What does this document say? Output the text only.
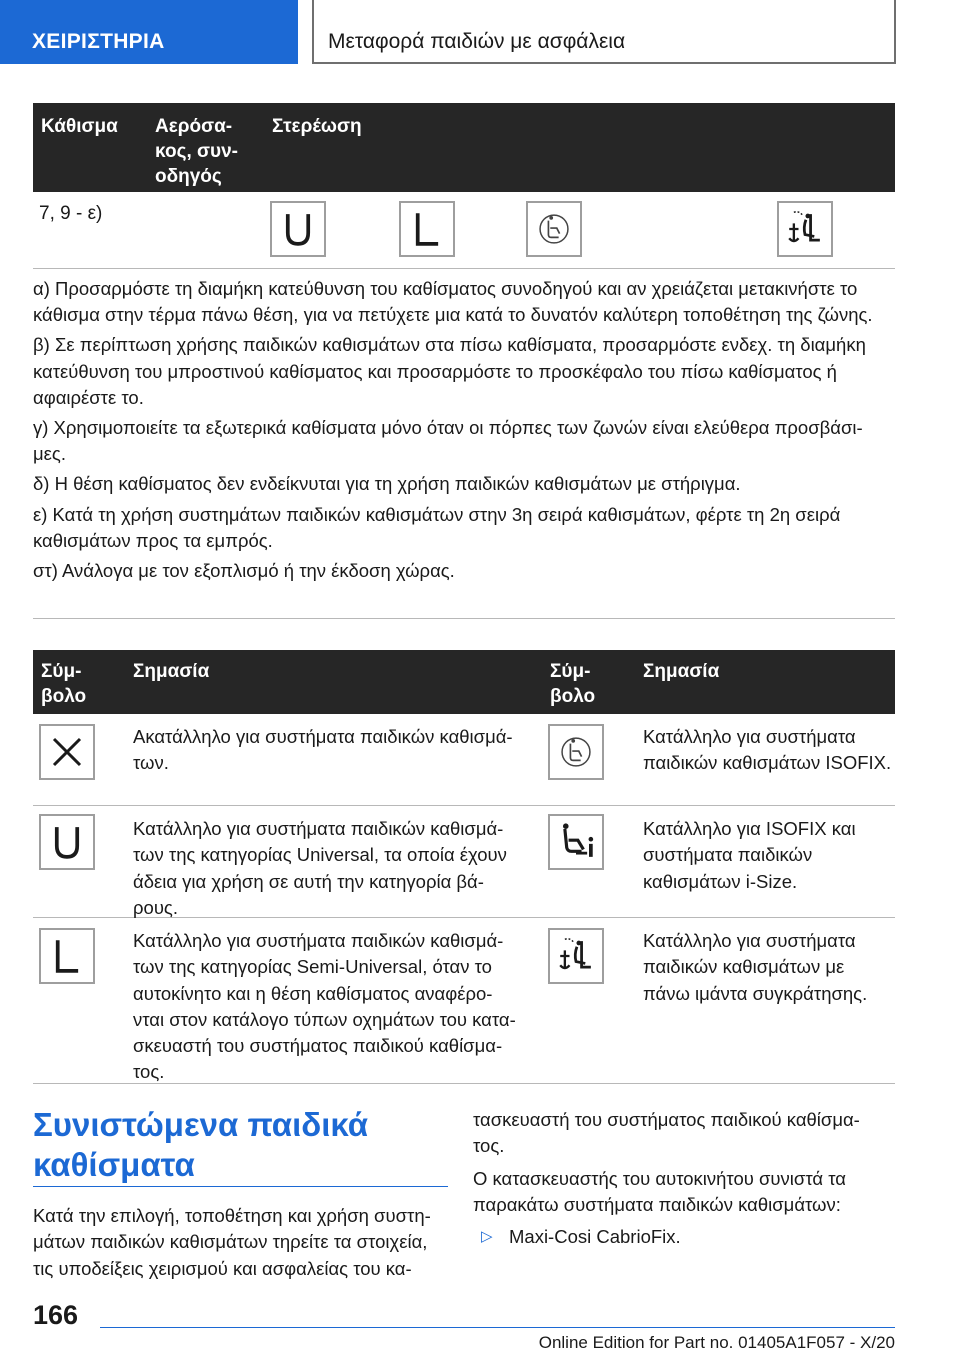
ΧΕΙΡΙΣΤΗΡΙΑ	Μεταφορά παιδιών με ασφάλεια
Κάθισμα Αερόσα-
κος, συν-
οδηγός
Στερέωση
7, 9 - ε)

α) Προσαρμόστε τη διαμήκη κατεύθυνση του καθίσματος συνοδηγού και αν χρειάζεται μετακινήστε το κάθισμα στην τέρμα πάνω θέση, για να πετύχετε μια κατά το δυνατόν καλύτερη τοποθέτηση της ζώνης.

β) Σε περίπτωση χρήσης παιδικών καθισμάτων στα πίσω καθίσματα, προσαρμόστε ενδεχ. τη διαμήκη κατεύθυνση του μπροστινού καθίσματος και προσαρμόστε το προσκέφαλο του πίσω καθίσματος ή αφαιρέστε το.

γ) Χρησιμοποιείτε τα εξωτερικά καθίσματα μόνο όταν οι πόρπες των ζωνών είναι ελεύθερα προσβάσι-
μες.

δ) Η θέση καθίσματος δεν ενδείκνυται για τη χρήση παιδικών καθισμάτων με στήριγμα.

ε) Κατά τη χρήση συστημάτων παιδικών καθισμάτων στην 3η σειρά καθισμάτων, φέρτε τη 2η σειρά καθισμάτων προς τα εμπρός.

στ) Ανάλογα με τον εξοπλισμό ή την έκδοση χώρας.

Σύμ-
βολο
Σημασία	Σύμ-
βολο
Σημασία
Ακατάλληλο για συστήματα παιδικών καθισμά-
των.
Κατάλληλο για συστήματα παιδικών καθισμάτων ISOFIX.
Κατάλληλο για συστήματα παιδικών καθισμά-
των της κατηγορίας Universal, τα οποία έχουν άδεια για χρήση σε αυτή την κατηγορία βά-
ρους.
Κατάλληλο για ISOFIX και συστήματα παιδικών καθισμάτων i-Size.
Κατάλληλο για συστήματα παιδικών καθισμά-
των της κατηγορίας Semi-Universal, όταν το αυτοκίνητο και η θέση καθίσματος αναφέρο-
νται στον κατάλογο τύπων οχημάτων του κατα-
σκευαστή του συστήματος παιδικού καθίσμα-
τος.
Κατάλληλο για συστήματα παιδικών καθισμάτων με πάνω ιμάντα συγκράτησης.
Συνιστώμενα παιδικά καθίσματα
Κατά την επιλογή, τοποθέτηση και χρήση συστη-
μάτων παιδικών καθισμάτων τηρείτε τα στοιχεία, τις υποδείξεις χειρισμού και ασφαλείας του κα-

τασκευαστή του συστήματος παιδικού καθίσμα-
τος.

Ο κατασκευαστής του αυτοκινήτου συνιστά τα παρακάτω συστήματα παιδικών καθισμάτων:

▷ Maxi-Cosi CabrioFix.
166
Online Edition for Part no. 01405A1F057 - X/20
